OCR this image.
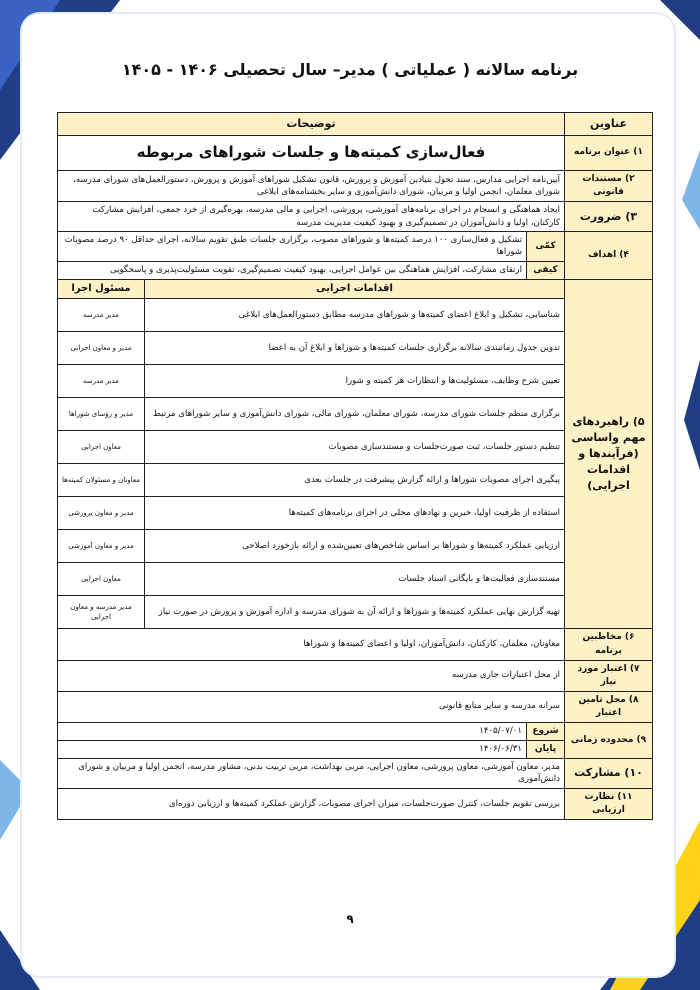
برنامه سالانه ( عملیاتی ) مدیر– سال تحصیلی ۱۴۰۶ - ۱۴۰۵
عناوین	توضیحات		
۱) عنوان برنامه	فعال‌سازی کمیته‌ها و جلسات شوراهای مربوطه		
۲) مستندات قانونی	آیین‌نامه اجرایی مدارس، سند تحول بنیادین آموزش و پرورش، قانون تشکیل شوراهای آموزش و پرورش، دستورالعمل‌های شورای مدرسه، شورای معلمان، انجمن اولیا و مربیان، شورای دانش‌آموزی و سایر بخشنامه‌های ابلاغی		
۳) ضرورت	ایجاد هماهنگی و انسجام در اجرای برنامه‌های آموزشی، پرورشی، اجرایی و مالی مدرسه، بهره‌گیری از خرد جمعی، افزایش مشارکت کارکنان، اولیا و دانش‌آموزان در تصمیم‌گیری و بهبود کیفیت مدیریت مدرسه		
۴) اهداف	کمّی	تشکیل و فعال‌سازی ۱۰۰ درصد کمیته‌ها و شوراهای مصوب، برگزاری جلسات طبق تقویم سالانه، اجرای حداقل ۹۰ درصد مصوبات شوراها	
	کیفی	ارتقای مشارکت، افزایش هماهنگی بین عوامل اجرایی، بهبود کیفیت تصمیم‌گیری، تقویت مسئولیت‌پذیری و پاسخگویی	
۵) راهبردهای مهم واساسی (فرآیندها و اقدامات اجرایی)	اقدامات اجرایی		مسئول اجرا
	شناسایی، تشکیل و ابلاغ اعضای کمیته‌ها و شوراهای مدرسه مطابق دستورالعمل‌های ابلاغی		مدیر مدرسه
	تدوین جدول زمانبندی سالانه برگزاری جلسات کمیته‌ها و شوراها و ابلاغ آن به اعضا		مدیر و معاون اجرایی
	تعیین شرح وظایف، مسئولیت‌ها و انتظارات هر کمیته و شورا		مدیر مدرسه
	برگزاری منظم جلسات شورای مدرسه، شورای معلمان، شورای مالی، شورای دانش‌آموزی و سایر شوراهای مرتبط		مدیر و رؤسای شوراها
	تنظیم دستور جلسات، ثبت صورت‌جلسات و مستندسازی مصوبات		معاون اجرایی
	پیگیری اجرای مصوبات شوراها و ارائه گزارش پیشرفت در جلسات بعدی		معاونان و مسئولان کمیته‌ها
	استفاده از ظرفیت اولیا، خیرین و نهادهای محلی در اجرای برنامه‌های کمیته‌ها		مدیر و معاون پرورشی
	ارزیابی عملکرد کمیته‌ها و شوراها بر اساس شاخص‌های تعیین‌شده و ارائه بازخورد اصلاحی		مدیر و معاون آموزشی
	مستندسازی فعالیت‌ها و بایگانی اسناد جلسات		معاون اجرایی
	تهیه گزارش نهایی عملکرد کمیته‌ها و شوراها و ارائه آن به شورای مدرسه و اداره آموزش و پرورش در صورت نیاز		مدیر مدرسه و معاون اجرایی
۶) مخاطبین برنامه	معاونان، معلمان، کارکنان، دانش‌آموزان، اولیا و اعضای کمیته‌ها و شوراها		
۷) اعتبار مورد نیاز	از محل اعتبارات جاری مدرسه		
۸) محل تامین اعتبار	سرانه مدرسه و سایر منابع قانونی		
۹) محدوده زمانی	شروع	۱۴۰۵/۰۷/۰۱	
	پایان	۱۴۰۶/۰۶/۳۱	
۱۰) مشارکت	مدیر، معاون آموزشی، معاون پرورشی، معاون اجرایی، مربی بهداشت، مربی تربیت بدنی، مشاور مدرسه، انجمن اولیا و مربیان و شورای دانش‌آموزی		
۱۱) نظارت ارزیابی	بررسی تقویم جلسات، کنترل صورت‌جلسات، میزان اجرای مصوبات، گزارش عملکرد کمیته‌ها و ارزیابی دوره‌ای		
۹
